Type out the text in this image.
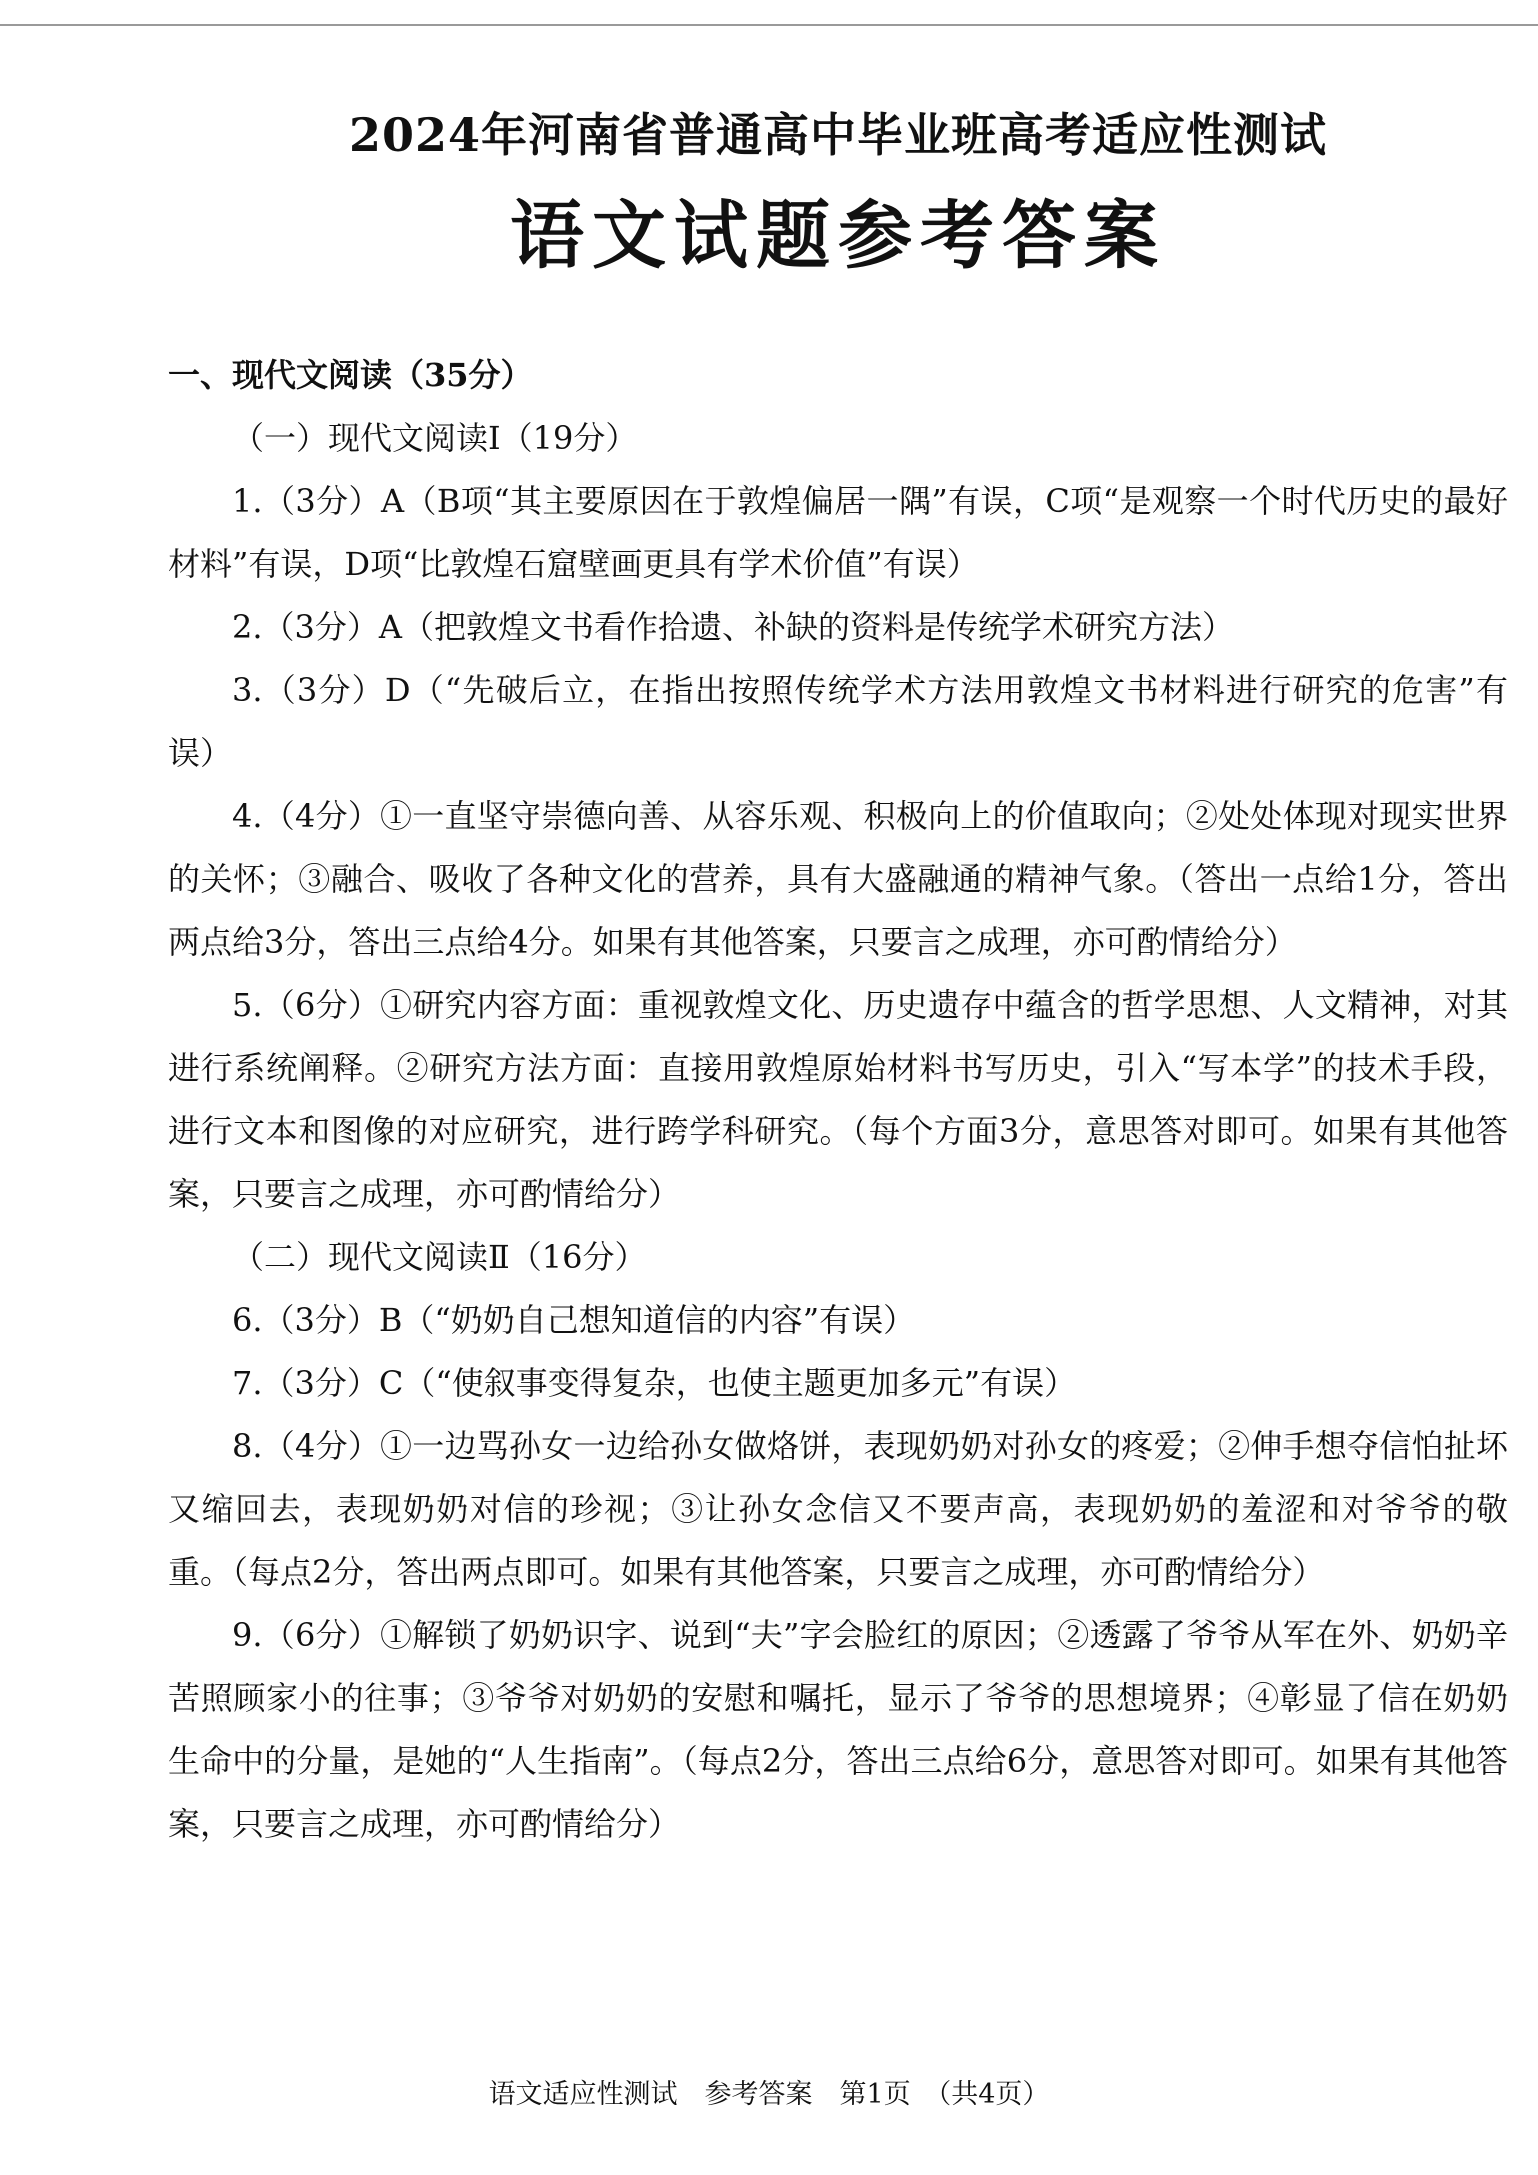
2024年河南省普通高中毕业班高考适应性测试
语文试题参考答案

一、现代文阅读（35分）

（一）现代文阅读Ⅰ（19分）

1.（3分）A（B项“其主要原因在于敦煌偏居一隅”有误，C项“是观察一个时代历史的最好材料”有误，D项“比敦煌石窟壁画更具有学术价值”有误）

2.（3分）A（把敦煌文书看作拾遗、补缺的资料是传统学术研究方法）

3.（3分）D（“先破后立，在指出按照传统学术方法用敦煌文书材料进行研究的危害”有误）

4.（4分）①一直坚守崇德向善、从容乐观、积极向上的价值取向；②处处体现对现实世界的关怀；③融合、吸收了各种文化的营养，具有大盛融通的精神气象。（答出一点给1分，答出两点给3分，答出三点给4分。如果有其他答案，只要言之成理，亦可酌情给分）

5.（6分）①研究内容方面：重视敦煌文化、历史遗存中蕴含的哲学思想、人文精神，对其进行系统阐释。②研究方法方面：直接用敦煌原始材料书写历史，引入“写本学”的技术手段，进行文本和图像的对应研究，进行跨学科研究。（每个方面3分，意思答对即可。如果有其他答案，只要言之成理，亦可酌情给分）

（二）现代文阅读Ⅱ（16分）

6.（3分）B（“奶奶自己想知道信的内容”有误）

7.（3分）C（“使叙事变得复杂，也使主题更加多元”有误）

8.（4分）①一边骂孙女一边给孙女做烙饼，表现奶奶对孙女的疼爱；②伸手想夺信怕扯坏又缩回去，表现奶奶对信的珍视；③让孙女念信又不要声高，表现奶奶的羞涩和对爷爷的敬重。（每点2分，答出两点即可。如果有其他答案，只要言之成理，亦可酌情给分）

9.（6分）①解锁了奶奶识字、说到“夫”字会脸红的原因；②透露了爷爷从军在外、奶奶辛苦照顾家小的往事；③爷爷对奶奶的安慰和嘱托，显示了爷爷的思想境界；④彰显了信在奶奶生命中的分量，是她的“人生指南”。（每点2分，答出三点给6分，意思答对即可。如果有其他答案，只要言之成理，亦可酌情给分）

语文适应性测试　参考答案　第1页　（共4页）
